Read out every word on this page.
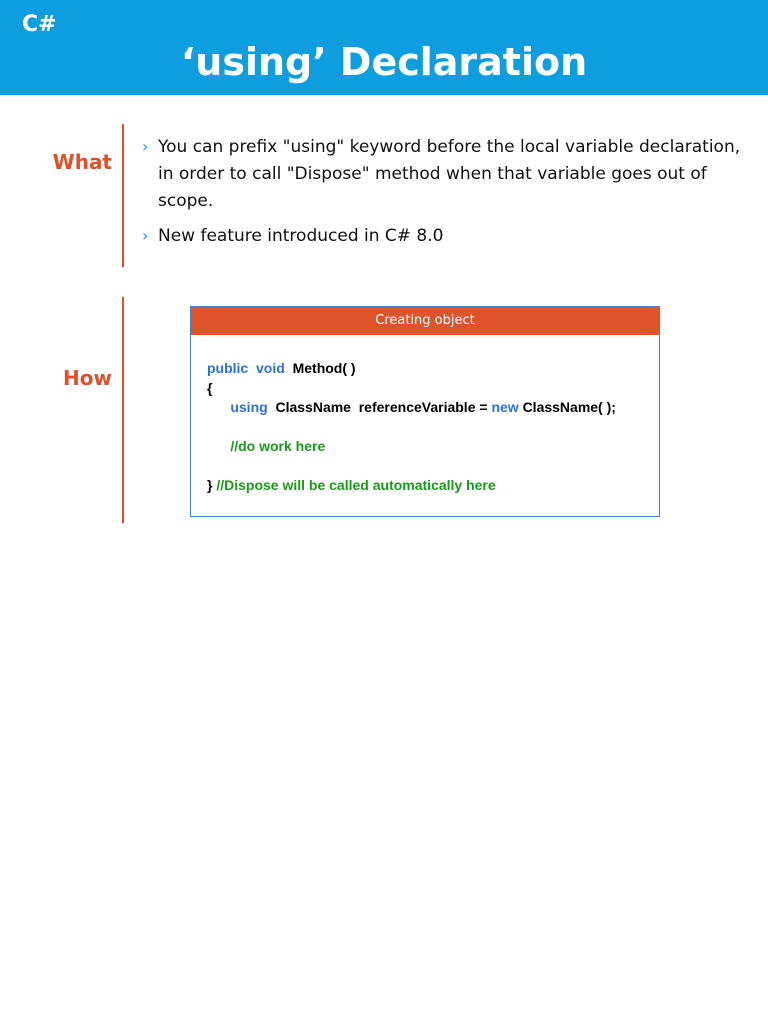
C#
‘using’ Declaration
What
› You can prefix "using" keyword before the local variable declaration, in order to call "Dispose" method when that variable goes out of scope.
› New feature introduced in C# 8.0
How
Creating object
public void Method( )
{
using ClassName  referenceVariable = new ClassName( );

//do work here

} //Dispose will be called automatically here
